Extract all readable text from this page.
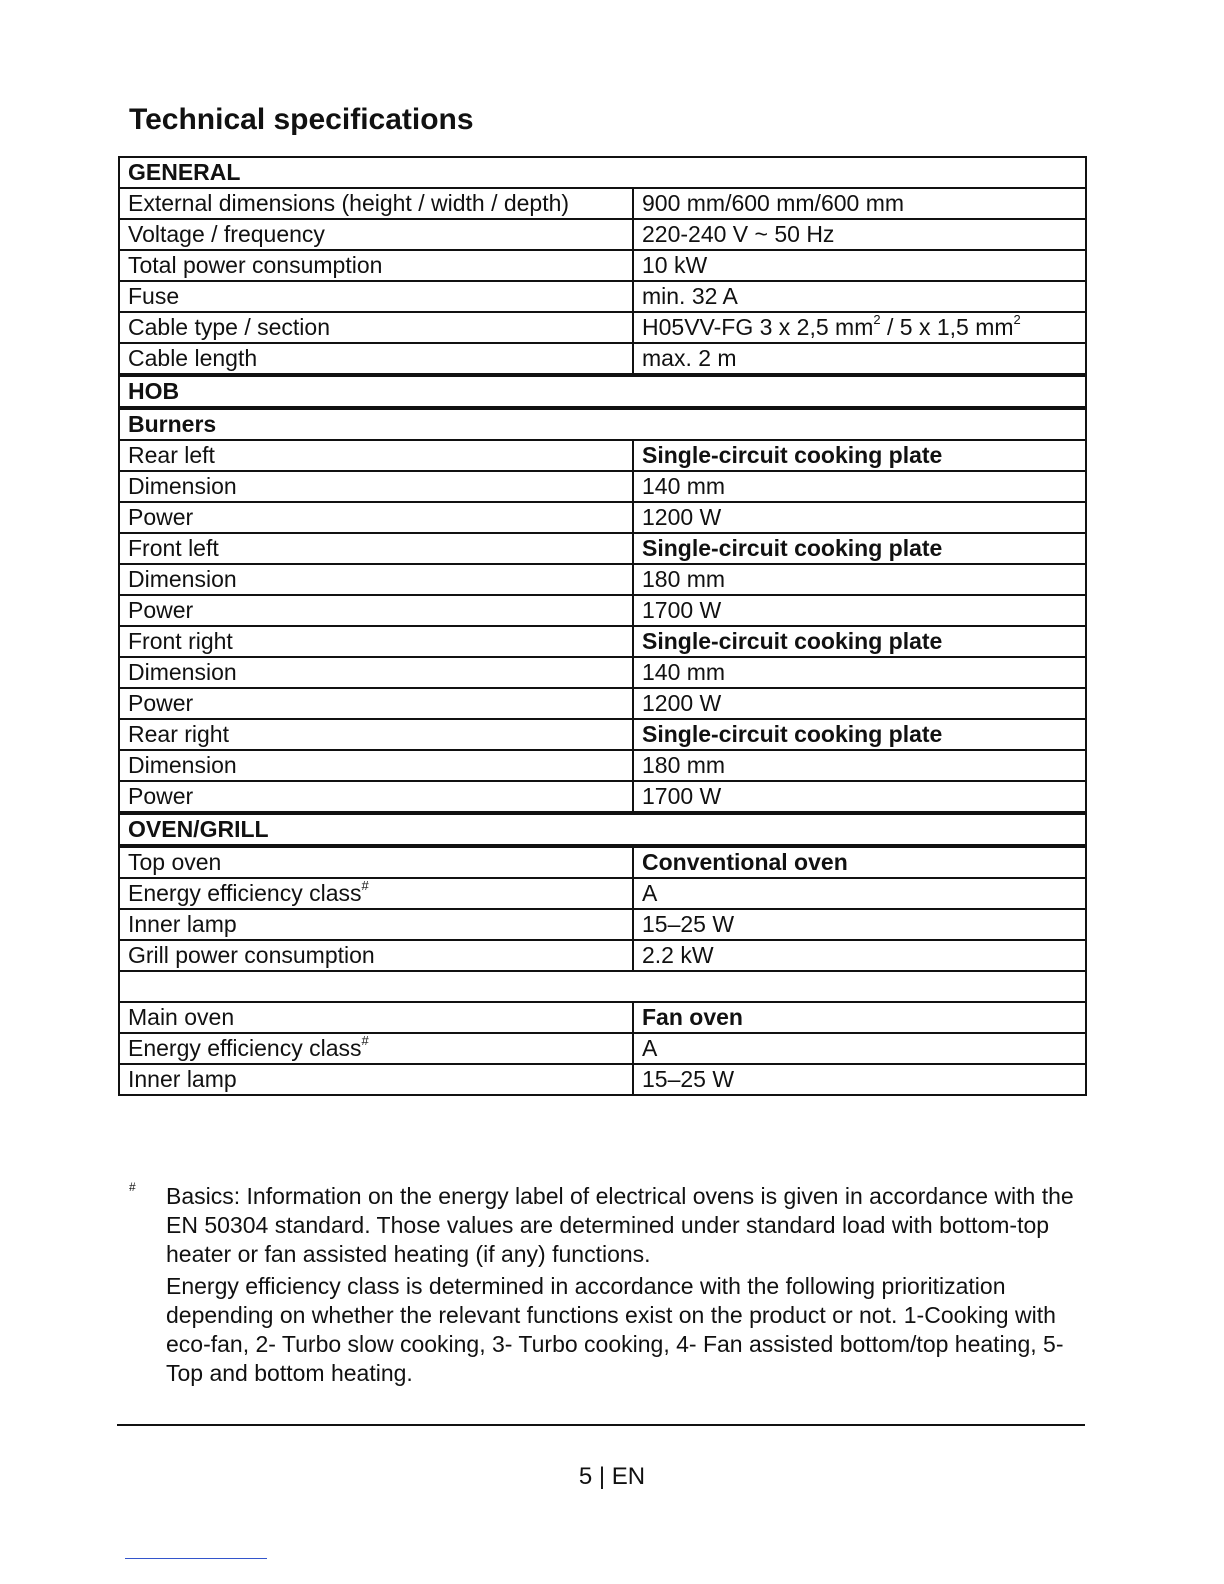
Technical specifications
GENERAL	
External dimensions (height / width / depth)	900 mm/600 mm/600 mm
Voltage / frequency	220-240 V ~ 50 Hz
Total power consumption	10 kW
Fuse	min. 32 A
Cable type / section	H05VV-FG 3 x 2,5 $mm^2 / 5$ x 1,5 $mm^2$
Cable length	max. 2 m
HOB	
Burners	
Rear left	Single-circuit cooking plate
Dimension	140 mm
Power	1200 W
Front left	Single-circuit cooking plate
Dimension	180 mm
Power	1700 W
Front right	Single-circuit cooking plate
Dimension	140 mm
Power	1200 W
Rear right	Single-circuit cooking plate
Dimension	180 mm
Power	1700 W
OVEN/GRILL	
Top oven	Conventional oven
Energy efficiency class#	A
Inner lamp	15–25 W
Grill power consumption	2.2 kW

Main oven	Fan oven
Energy efficiency class#	A
Inner lamp	15–25 W
# Basics: Information on the energy label of electrical ovens is given in accordance with the EN 50304 standard. Those values are determined under standard load with bottom-top heater or fan assisted heating (if any) functions.

Energy efficiency class is determined in accordance with the following prioritization depending on whether the relevant functions exist on the product or not. 1-Cooking with eco-fan, 2- Turbo slow cooking, 3- Turbo cooking, 4- Fan assisted bottom/top heating, 5-Top and bottom heating.

5 | EN
